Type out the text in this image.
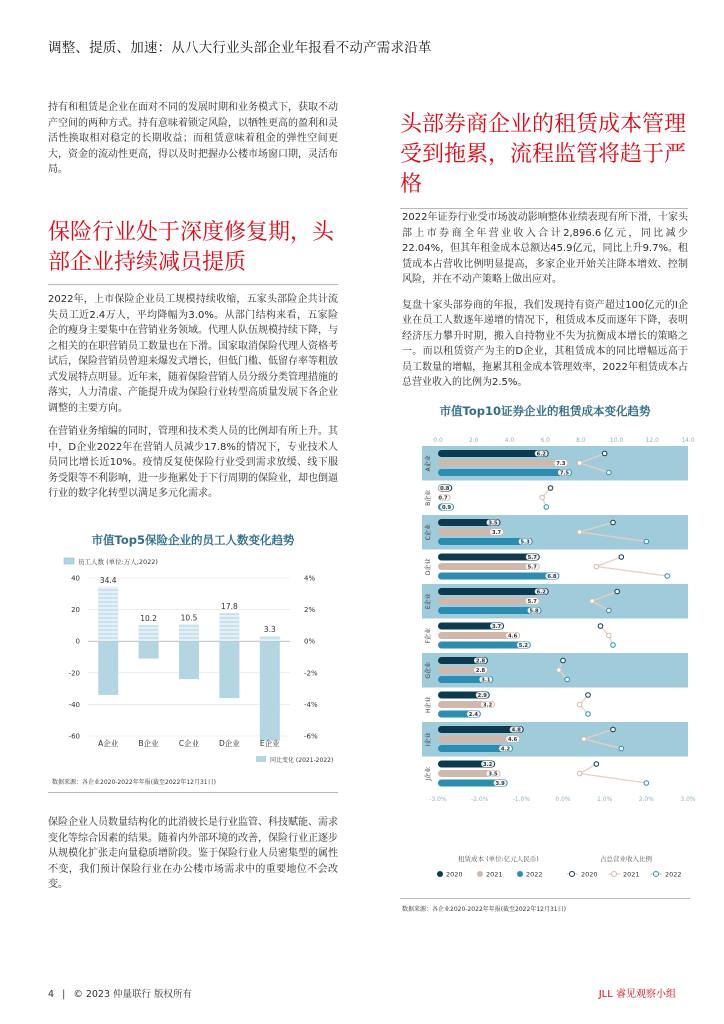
调整、提质、加速：从八大行业头部企业年报看不动产需求沿革

持有和租赁是企业在面对不同的发展时期和业务模式下，获取不动产空间的两种方式。持有意味着锁定风险，以牺牲更高的盈利和灵活性换取相对稳定的长期收益；而租赁意味着租金的弹性空间更大，资金的流动性更高，得以及时把握办公楼市场窗口期，灵活布局。

保险行业处于深度修复期，头部企业持续减员提质

2022年，上市保险企业员工规模持续收缩，五家头部险企共计流失员工近2.4万人，平均降幅为3.0%。从部门结构来看，五家险企的瘦身主要集中在营销业务领域。代理人队伍规模持续下降，与之相关的在职营销员工数量也在下滑。国家取消保险代理人资格考试后，保险营销员曾迎来爆发式增长，但低门槛、低留存率等粗放式发展特点明显。近年来，随着保险营销人员分级分类管理措施的落实，人力清虚、产能提升成为保险行业转型高质量发展下各企业调整的主要方向。

在营销业务缩编的同时，管理和技术类人员的比例却有所上升。其中，D企业2022年在营销人员减少17.8%的情况下，专业技术人员同比增长近10%。疫情反复使保险行业受到需求放缓、线下服务受限等不利影响，进一步拖累处于下行周期的保险业，却也倒逼行业的数字化转型以满足多元化需求。

市值Top5保险企业的员工人数变化趋势
员工人数 (单位:万人,2022)
34.4
10.2	10.5
17.8
3.3
40
20
0
-20
-40
-60
4%
2%
0%
-2%
-4%
-6%
A企业	B企业	C企业	D企业	E企业
同比变化 (2021-2022)
数据来源：各企业2020-2022年年报(截至2022年12月31日)

保险企业人员数量结构化的此消彼长是行业监管、科技赋能、需求变化等综合因素的结果。随着内外部环境的改善，保险行业正逐步从规模化扩张走向量稳质增阶段。鉴于保险行业人员密集型的属性不变，我们预计保险行业在办公楼市场需求中的重要地位不会改变。

头部券商企业的租赁成本管理受到拖累，流程监管将趋于严格

2022年证券行业受市场波动影响整体业绩表现有所下滑，十家头部上市券商全年营业收入合计2,896.6亿元，同比减少22.04%，但其年租金成本总额达45.9亿元，同比上升9.7%。租赁成本占营收比例明显提高，多家企业开始关注降本增效、控制风险，并在不动产策略上做出应对。

复盘十家头部券商的年报，我们发现持有资产超过100亿元的I企业在员工人数逐年递增的情况下，租赁成本反而逐年下降，表明经济压力攀升时期，搬入自持物业不失为抗衡成本增长的策略之一。而以租赁资产为主的D企业，其租赁成本的同比增幅远高于员工数量的增幅，拖累其租金成本管理效率，2022年租赁成本占总营业收入的比例为2.5%。

市值Top10证券企业的租赁成本变化趋势
0.0	2.0	4.0	6.0	8.0	10.0	12.0	14.0
6.2
7.3
7.5
0.8
0.7
0.9
3.5
3.7
5.3
5.7
5.7
6.8
6.2
5.7
5.8
3.7
4.6
5.2
2.8
2.8
3.1
2.9
3.2
2.4
4.8
4.6
4.2
3.2
3.5
3.9
A企业
B企业
C企业
D企业
E企业
F企业
G企业
H企业
I企业
J企业
-3.0%	-2.0%	-1.0%	0.0%	1.0%	2.0%	3.0%
租赁成本 (单位:亿元人民币)	占总营业收入比例
2020	2021	2022	2020	2021	2022
数据来源：各企业2020-2022年年报(截至2022年12月31日)
4 | © 2023 仲量联行 版权所有	JLL 睿见观察小组
